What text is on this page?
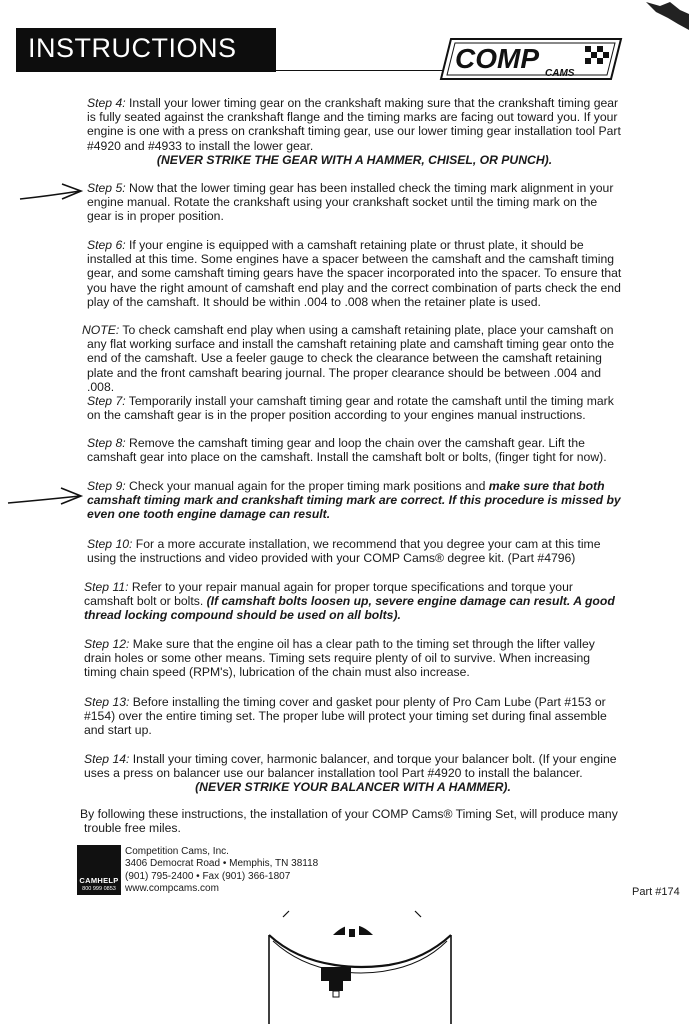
INSTRUCTIONS	COMP CAMS
Step 4: Install your lower timing gear on the crankshaft making sure that the crankshaft timing gear is fully seated against the crankshaft flange and the timing marks are facing out toward you. If your engine is one with a press on crankshaft timing gear, use our lower timing gear installation tool Part #4920 and #4933 to install the lower gear.
(NEVER STRIKE THE GEAR WITH A HAMMER, CHISEL, OR PUNCH).
Step 5: Now that the lower timing gear has been installed check the timing mark alignment in your engine manual. Rotate the crankshaft using your crankshaft socket until the timing mark on the gear is in proper position.
Step 6: If your engine is equipped with a camshaft retaining plate or thrust plate, it should be installed at this time. Some engines have a spacer between the camshaft and the camshaft timing gear, and some camshaft timing gears have the spacer incorporated into the spacer. To ensure that you have the right amount of camshaft end play and the correct combination of parts check the end play of the camshaft. It should be within .004 to .008 when the retainer plate is used.
NOTE: To check camshaft end play when using a camshaft retaining plate, place your camshaft on any flat working surface and install the camshaft retaining plate and camshaft timing gear onto the end of the camshaft. Use a feeler gauge to check the clearance between the camshaft retaining plate and the front camshaft bearing journal. The proper clearance should be between .004 and .008.
Step 7: Temporarily install your camshaft timing gear and rotate the camshaft until the timing mark on the camshaft gear is in the proper position according to your engines manual instructions.
Step 8: Remove the camshaft timing gear and loop the chain over the camshaft gear. Lift the camshaft gear into place on the camshaft. Install the camshaft bolt or bolts, (finger tight for now).
Step 9: Check your manual again for the proper timing mark positions and make sure that both camshaft timing mark and crankshaft timing mark are correct. If this procedure is missed by even one tooth engine damage can result.
Step 10: For a more accurate installation, we recommend that you degree your cam at this time using the instructions and video provided with your COMP Cams® degree kit. (Part #4796)
Step 11: Refer to your repair manual again for proper torque specifications and torque your camshaft bolt or bolts. (If camshaft bolts loosen up, severe engine damage can result. A good thread locking compound should be used on all bolts).
Step 12: Make sure that the engine oil has a clear path to the timing set through the lifter valley drain holes or some other means. Timing sets require plenty of oil to survive. When increasing timing chain speed (RPM's), lubrication of the chain must also increase.
Step 13: Before installing the timing cover and gasket pour plenty of Pro Cam Lube (Part #153 or #154) over the entire timing set. The proper lube will protect your timing set during final assemble and start up.
Step 14: Install your timing cover, harmonic balancer, and torque your balancer bolt. (If your engine uses a press on balancer use our balancer installation tool Part #4920 to install the balancer.
(NEVER STRIKE YOUR BALANCER WITH A HAMMER).
By following these instructions, the installation of your COMP Cams® Timing Set, will produce many trouble free miles.
CAMHELP
800 999 0853
Competition Cams, Inc.
3406 Democrat Road • Memphis, TN 38118
(901) 795-2400 • Fax (901) 366-1807
www.compcams.com	Part #174
